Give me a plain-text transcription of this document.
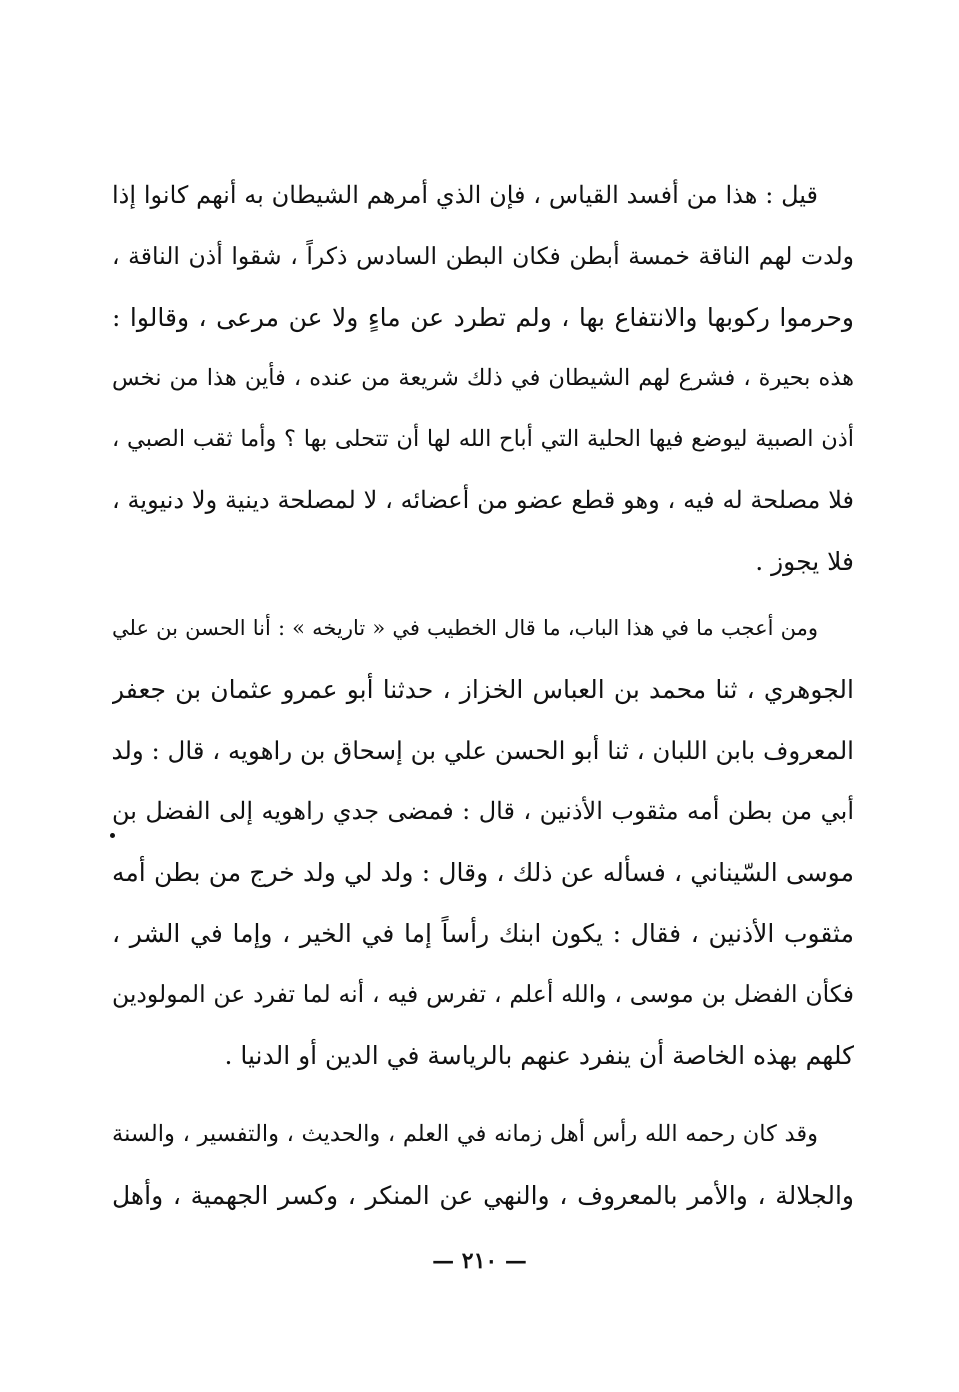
قيل : هذا من أفسد القياس ، فإن الذي أمرهم الشيطان به أنهم كانوا إذا
ولدت لهم الناقة خمسة أبطن فكان البطن السادس ذكراً ، شقوا أذن الناقة ،
وحرموا ركوبها والانتفاع بها ، ولم تطرد عن ماءٍ ولا عن مرعى ، وقالوا :
هذه بحيرة ، فشرع لهم الشيطان في ذلك شريعة من عنده ، فأين هذا من نخس
أذن الصبية ليوضع فيها الحلية التي أباح الله لها أن تتحلى بها ؟ وأما ثقب الصبي ،
فلا مصلحة له فيه ، وهو قطع عضو من أعضائه ، لا لمصلحة دينية ولا دنيوية ،
فلا يجوز .
ومن أعجب ما في هذا الباب، ما قال الخطيب في « تاريخه » : أنا الحسن بن علي
الجوهري ، ثنا محمد بن العباس الخزاز ، حدثنا أبو عمرو عثمان بن جعفر
المعروف بابن اللبان ، ثنا أبو الحسن علي بن إسحاق بن راهويه ، قال : ولد
أبي من بطن أمه مثقوب الأذنين ، قال : فمضى جدي راهويه إلى الفضل بن
موسى السّيناني ، فسأله عن ذلك ، وقال : ولد لي ولد خرج من بطن أمه
مثقوب الأذنين ، فقال : يكون ابنك رأساً إما في الخير ، وإما في الشر ،
فكأن الفضل بن موسى ، والله أعلم ، تفرس فيه ، أنه لما تفرد عن المولودين
كلهم بهذه الخاصة أن ينفرد عنهم بالرياسة في الدين أو الدنيا .
وقد كان رحمه الله رأس أهل زمانه في العلم ، والحديث ، والتفسير ، والسنة
والجلالة ، والأمر بالمعروف ، والنهي عن المنكر ، وكسر الجهمية ، وأهل
— ٢١٠ —
